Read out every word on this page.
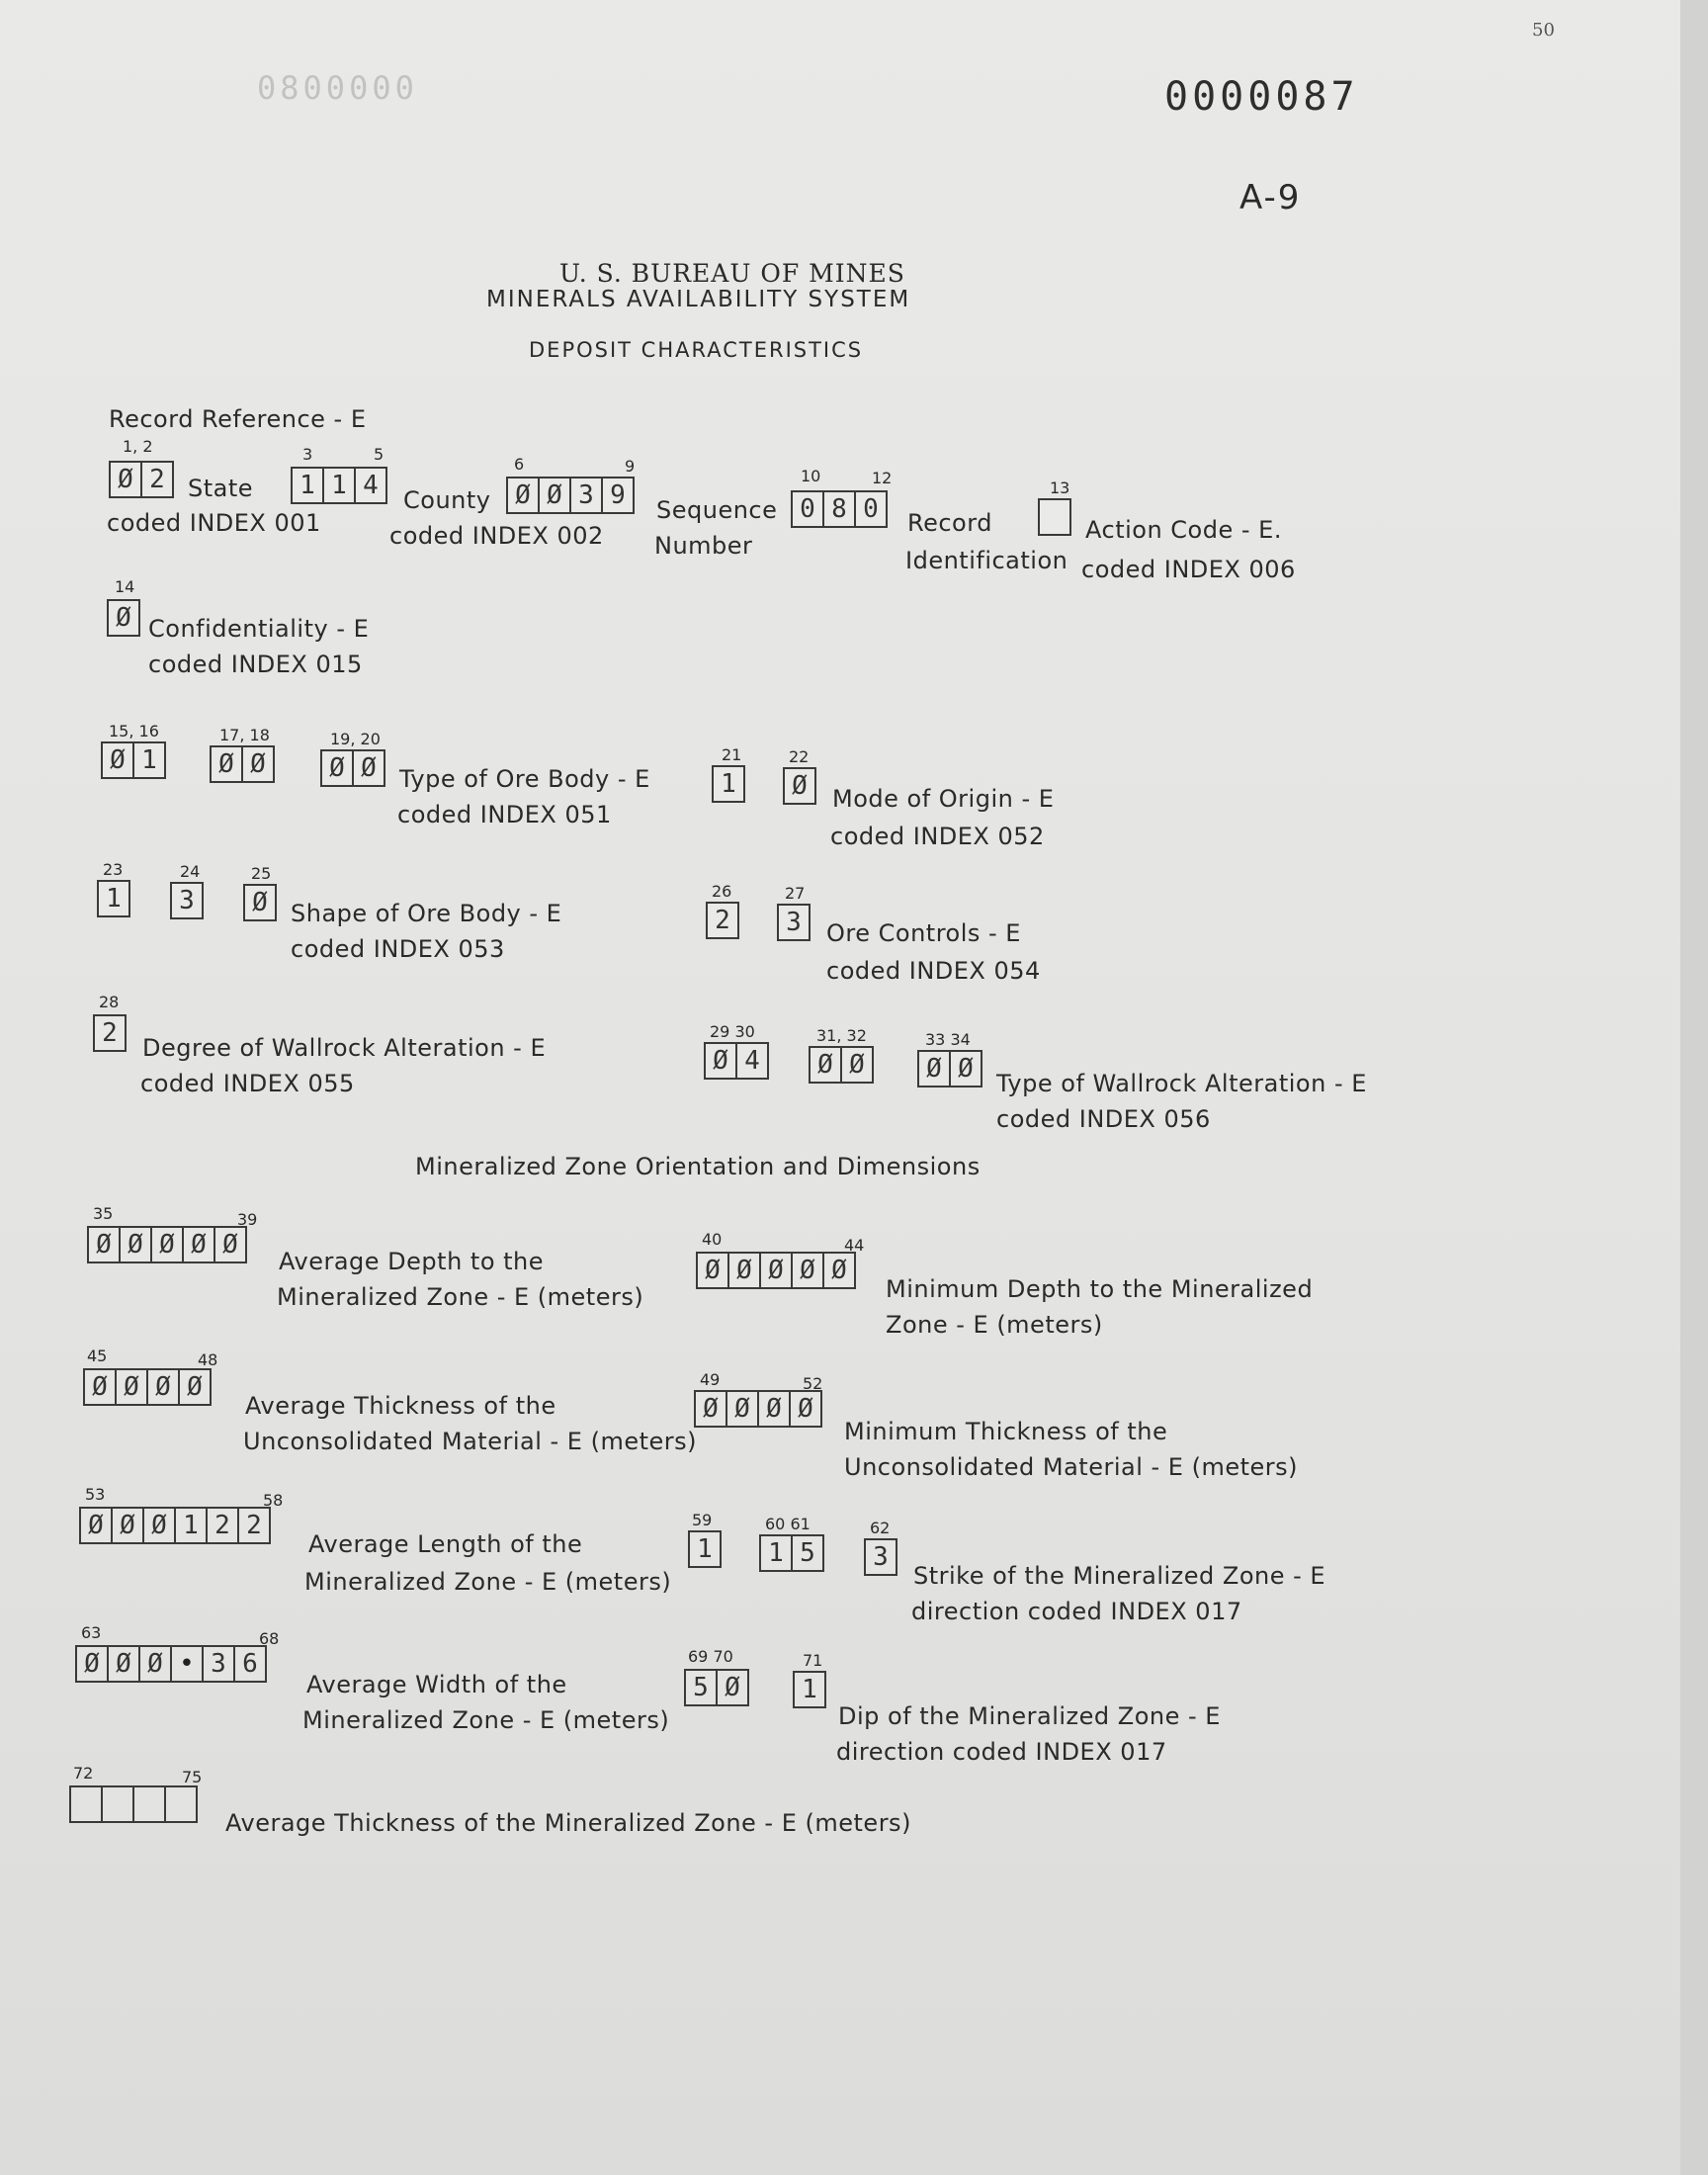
50
0800000	0000087
A-9
U. S. BUREAU OF MINES
MINERALS AVAILABILITY SYSTEM
DEPOSIT CHARACTERISTICS
Record Reference - E
1, 2
Ø 2 State
coded INDEX 001
3	5
1 1 4	County
coded INDEX 002
6	9
Ø Ø 3 9	Sequence
Number
10	12
0 8 0	Record
Identification
13
Action Code - E.
coded INDEX 006
14
Ø Confidentiality - E
coded INDEX 015
15, 16
Ø 1
17, 18
Ø Ø
19, 20
Ø Ø Type of Ore Body - E
coded INDEX 051
21
1
22
Ø	Mode of Origin - E
coded INDEX 052
23
1
24
3
25
Ø Shape of Ore Body - E
coded INDEX 053
26
2
27
3	Ore Controls - E
coded INDEX 054
28
2	Degree of Wallrock Alteration - E
coded INDEX 055
29 30
Ø 4
31, 32
Ø Ø
33 34
Ø Ø Type of Wallrock Alteration - E
coded INDEX 056
Mineralized Zone Orientation and Dimensions
35	39
Ø Ø Ø Ø Ø
Average Depth to the
Mineralized Zone - E (meters)
40	44
Ø Ø Ø Ø Ø
Minimum Depth to the Mineralized
Zone - E (meters)
45	48
Ø Ø Ø Ø
Average Thickness of the
Unconsolidated Material - E (meters)
49	52
Ø Ø Ø Ø
Minimum Thickness of the
Unconsolidated Material - E (meters)
53	58
Ø Ø Ø 1 2 2
Average Length of the
Mineralized Zone - E (meters)
59
1
60 61
1 5
62
3
Strike of the Mineralized Zone - E
direction coded INDEX 017
63	68
Ø Ø Ø • 3 6
Average Width of the
Mineralized Zone - E (meters)
69 70
5 Ø
71
1
Dip of the Mineralized Zone - E
direction coded INDEX 017
72	75
Average Thickness of the Mineralized Zone - E (meters)
